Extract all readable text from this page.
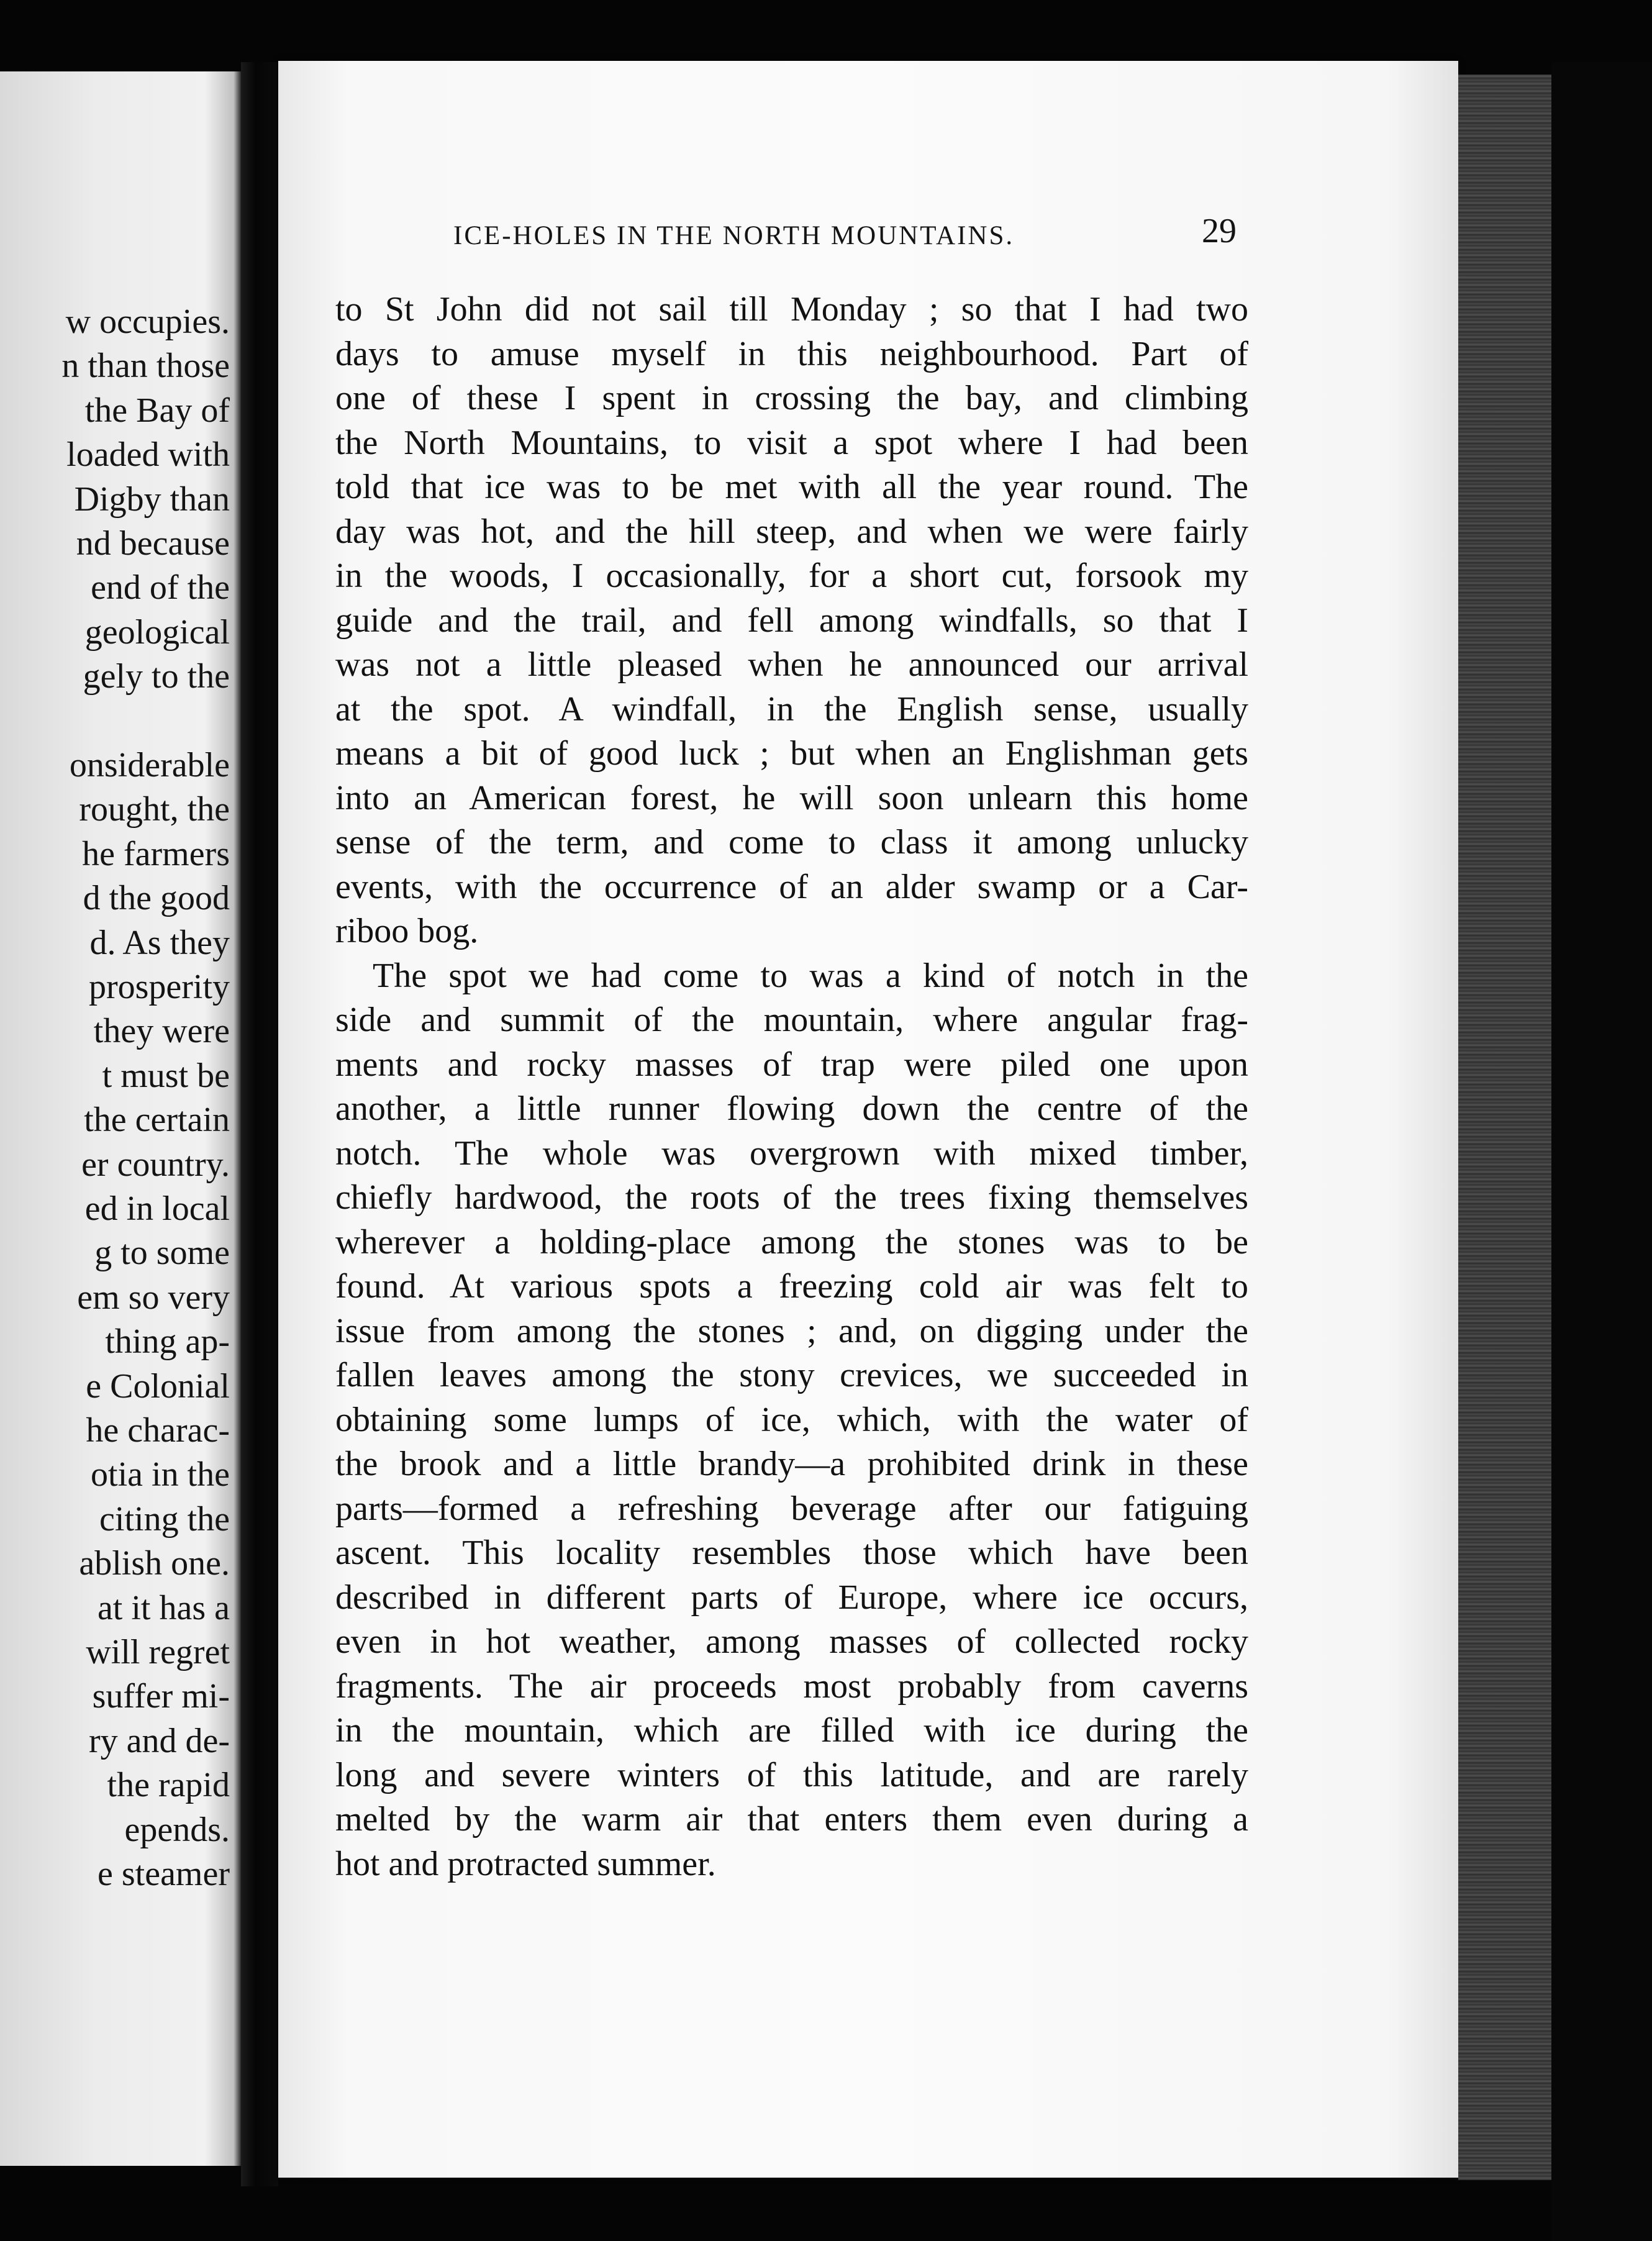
w occupies.
n than those
the Bay of
loaded with
Digby than
nd because
end of the
geological
gely to the
onsiderable
rought, the
he farmers
d the good
d. As they
prosperity
they were
t must be
the certain
er country.
ed in local
g to some
em so very
thing ap-
e Colonial
he charac-
otia in the
citing the
ablish one.
at it has a
will regret
suffer mi-
ry and de-
the rapid
epends.
e steamer
ICE-HOLES IN THE NORTH MOUNTAINS.	29
to St John did not sail till Monday ; so that I had two
days to amuse myself in this neighbourhood. Part of
one of these I spent in crossing the bay, and climbing
the North Mountains, to visit a spot where I had been
told that ice was to be met with all the year round. The
day was hot, and the hill steep, and when we were fairly
in the woods, I occasionally, for a short cut, forsook my
guide and the trail, and fell among windfalls, so that I
was not a little pleased when he announced our arrival
at the spot. A windfall, in the English sense, usually
means a bit of good luck ; but when an Englishman gets
into an American forest, he will soon unlearn this home
sense of the term, and come to class it among unlucky
events, with the occurrence of an alder swamp or a Car-
riboo bog.
The spot we had come to was a kind of notch in the
side and summit of the mountain, where angular frag-
ments and rocky masses of trap were piled one upon
another, a little runner flowing down the centre of the
notch. The whole was overgrown with mixed timber,
chiefly hardwood, the roots of the trees fixing themselves
wherever a holding-place among the stones was to be
found. At various spots a freezing cold air was felt to
issue from among the stones ; and, on digging under the
fallen leaves among the stony crevices, we succeeded in
obtaining some lumps of ice, which, with the water of
the brook and a little brandy—a prohibited drink in these
parts—formed a refreshing beverage after our fatiguing
ascent. This locality resembles those which have been
described in different parts of Europe, where ice occurs,
even in hot weather, among masses of collected rocky
fragments. The air proceeds most probably from caverns
in the mountain, which are filled with ice during the
long and severe winters of this latitude, and are rarely
melted by the warm air that enters them even during a
hot and protracted summer.
